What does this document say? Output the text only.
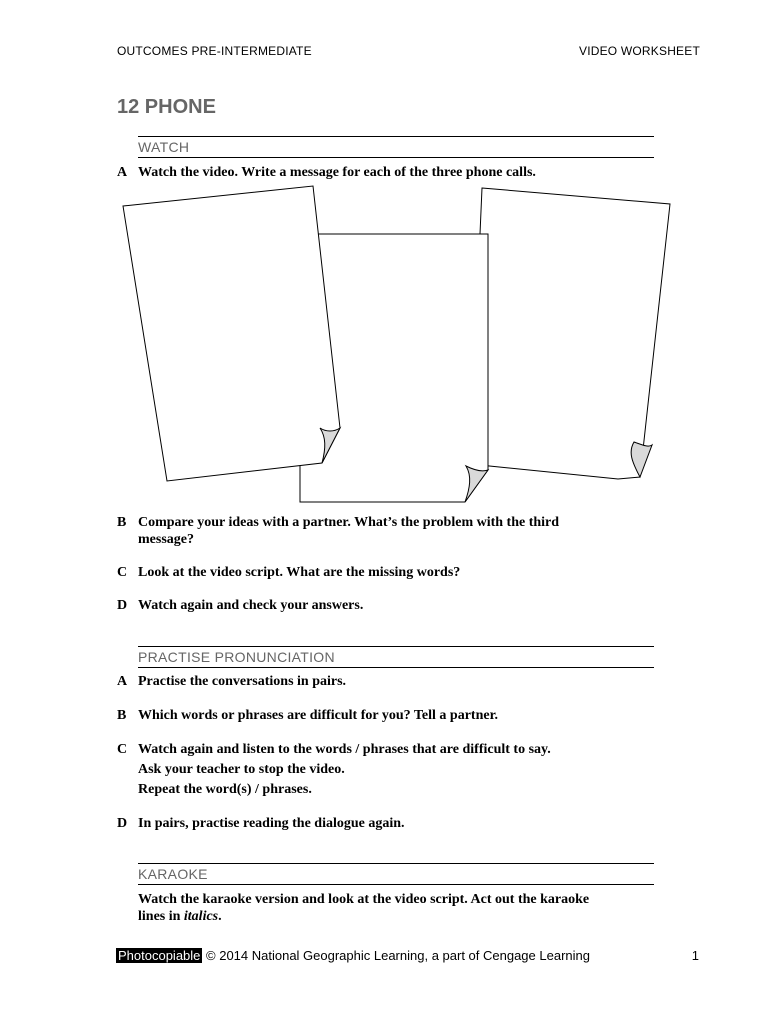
OUTCOMES PRE-INTERMEDIATE	VIDEO WORKSHEET
12 PHONE
WATCH
A Watch the video. Write a message for each of the three phone calls.
B Compare your ideas with a partner. What’s the problem with the third
message?
C Look at the video script. What are the missing words?
D Watch again and check your answers.
PRACTISE PRONUNCIATION
A Practise the conversations in pairs.
B Which words or phrases are difficult for you? Tell a partner.
C Watch again and listen to the words / phrases that are difficult to say.
Ask your teacher to stop the video.
Repeat the word(s) / phrases.
D In pairs, practise reading the dialogue again.
KARAOKE
Watch the karaoke version and look at the video script. Act out the karaoke
lines in italics.
Photocopiable © 2014 National Geographic Learning, a part of Cengage Learning	1
